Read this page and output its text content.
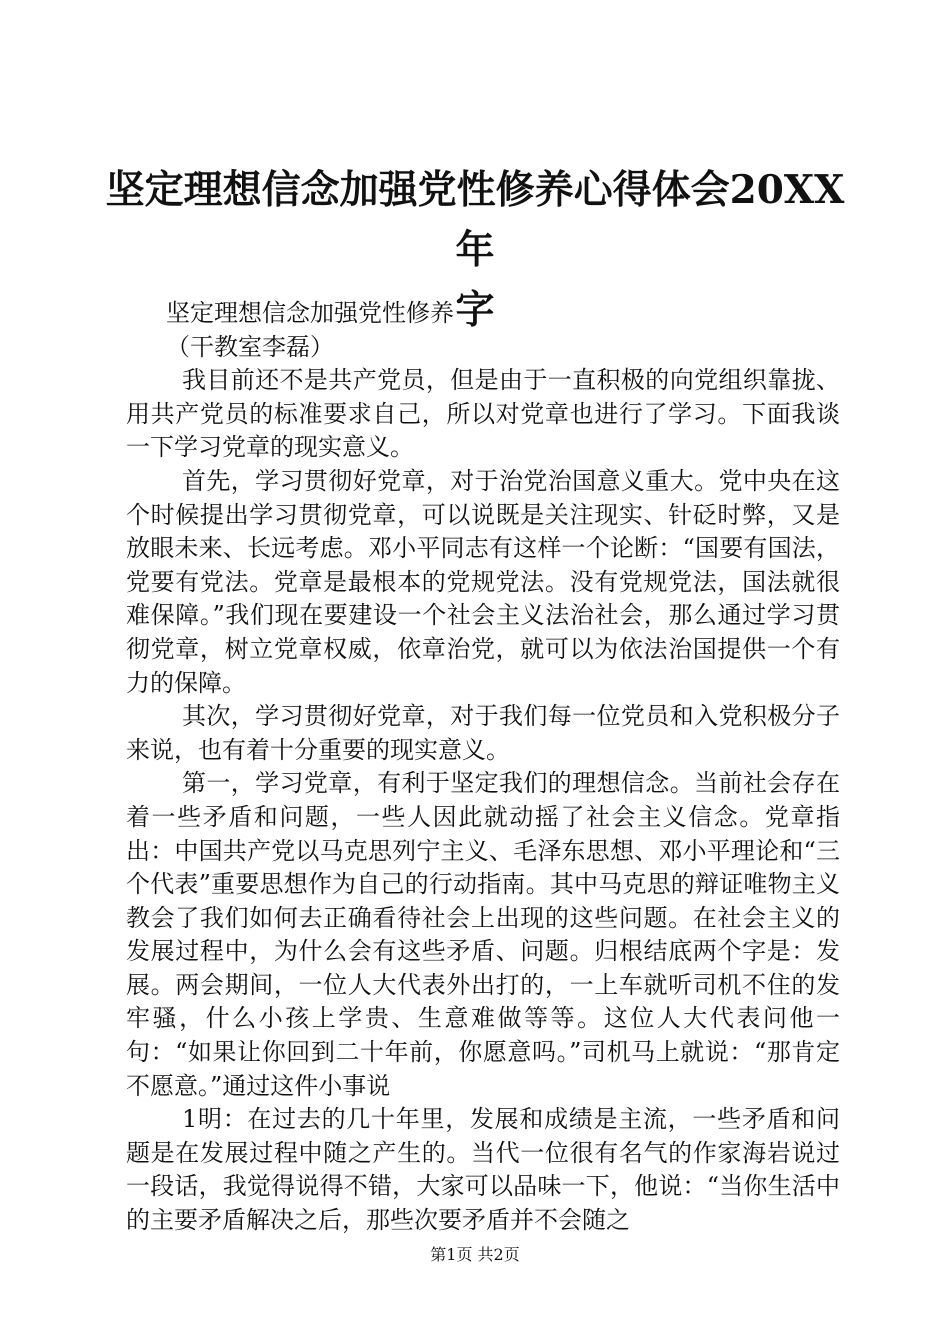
坚定理想信念加强党性修养心得体会20XX年
字

坚定理想信念加强党性修养

（干教室李磊）

我目前还不是共产党员，但是由于一直积极的向党组织靠拢、用共产党员的标准要求自己，所以对党章也进行了学习。下面我谈一下学习党章的现实意义。

首先，学习贯彻好党章，对于治党治国意义重大。党中央在这个时候提出学习贯彻党章，可以说既是关注现实、针砭时弊，又是放眼未来、长远考虑。邓小平同志有这样一个论断：“国要有国法，党要有党法。党章是最根本的党规党法。没有党规党法，国法就很难保障。”我们现在要建设一个社会主义法治社会，那么通过学习贯彻党章，树立党章权威，依章治党，就可以为依法治国提供一个有力的保障。

其次，学习贯彻好党章，对于我们每一位党员和入党积极分子来说，也有着十分重要的现实意义。

第一，学习党章，有利于坚定我们的理想信念。当前社会存在着一些矛盾和问题，一些人因此就动摇了社会主义信念。党章指出：中国共产党以马克思列宁主义、毛泽东思想、邓小平理论和“三个代表”重要思想作为自己的行动指南。其中马克思的辩证唯物主义教会了我们如何去正确看待社会上出现的这些问题。在社会主义的发展过程中，为什么会有这些矛盾、问题。归根结底两个字是：发展。两会期间，一位人大代表外出打的，一上车就听司机不住的发牢骚，什么小孩上学贵、生意难做等等。这位人大代表问他一句：“如果让你回到二十年前，你愿意吗。”司机马上就说：“那肯定不愿意。”通过这件小事说

1明：在过去的几十年里，发展和成绩是主流，一些矛盾和问题是在发展过程中随之产生的。当代一位很有名气的作家海岩说过一段话，我觉得说得不错，大家可以品味一下，他说：“当你生活中的主要矛盾解决之后，那些次要矛盾并不会随之

第1页 共2页
